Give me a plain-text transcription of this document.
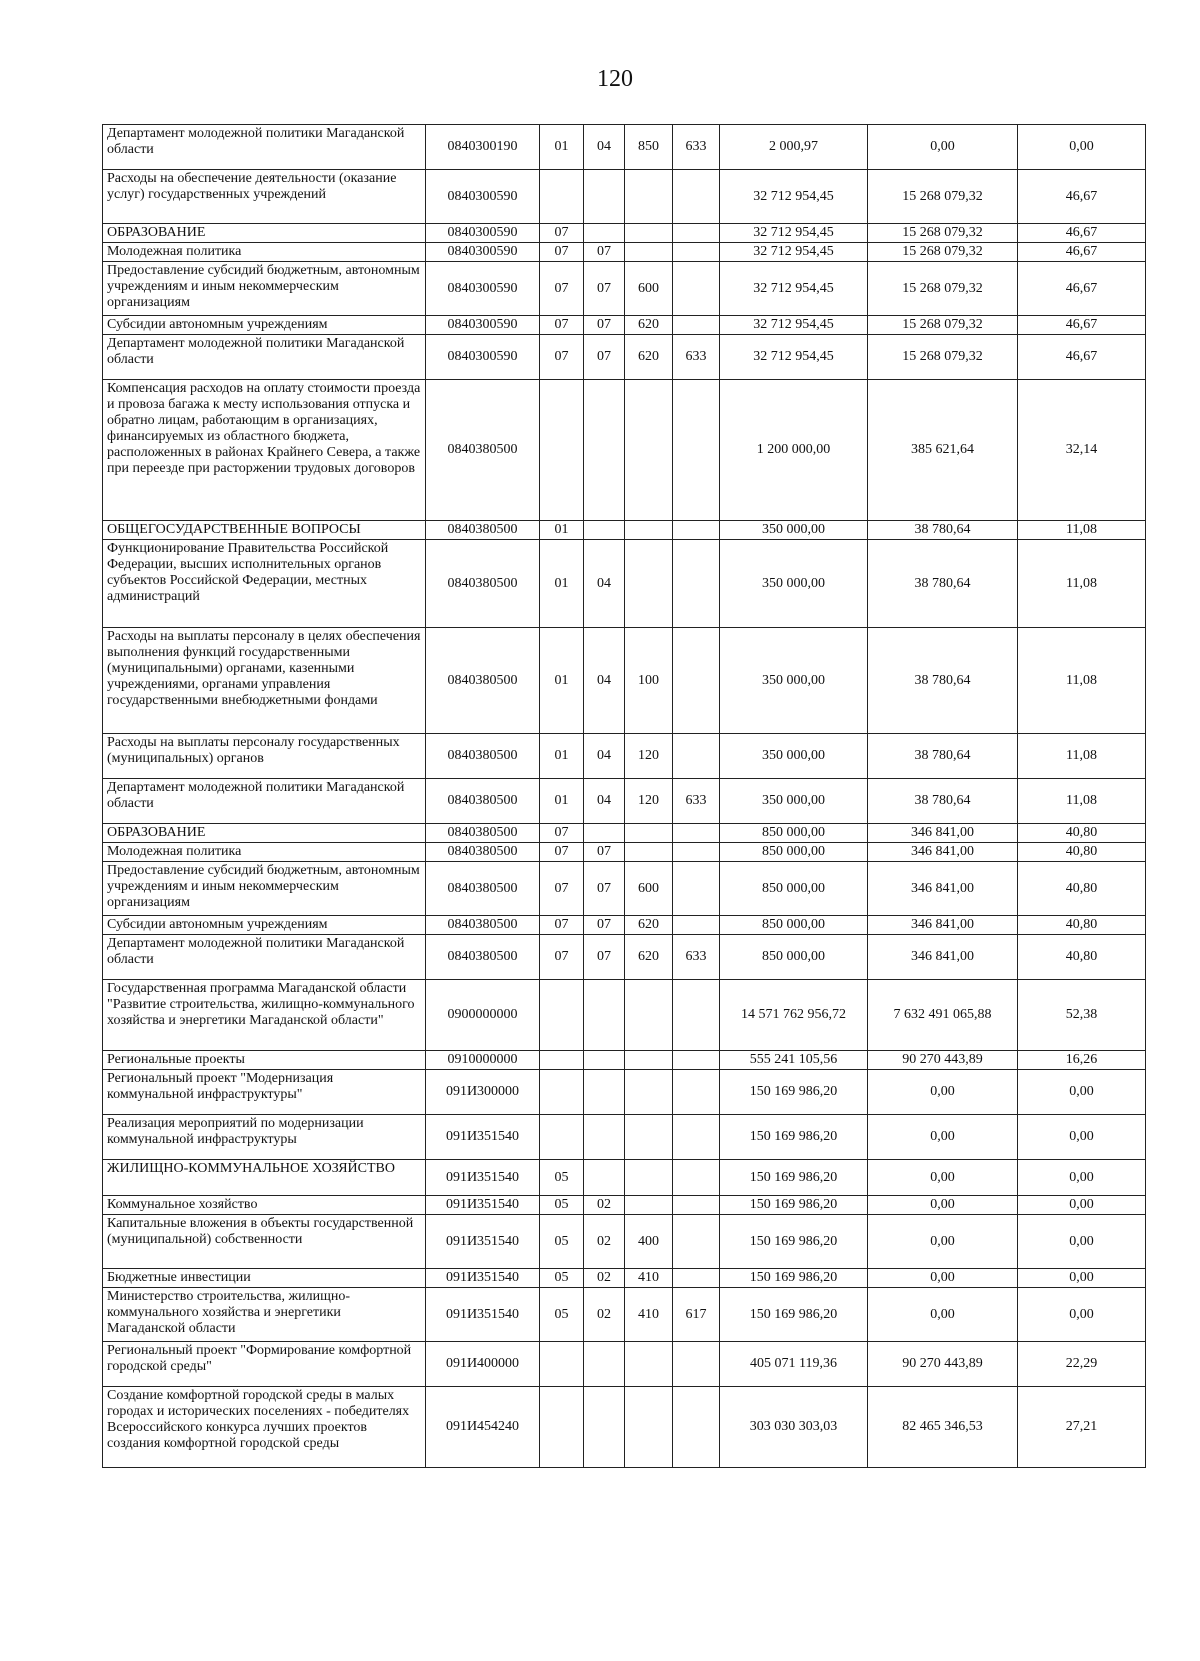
120
Департамент молодежной политики Магаданской области	0840300190	01	04	850	633	2 000,97	0,00	0,00
Расходы на обеспечение деятельности (оказание услуг) государственных учреждений	0840300590					32 712 954,45	15 268 079,32	46,67
ОБРАЗОВАНИЕ	0840300590	07				32 712 954,45	15 268 079,32	46,67
Молодежная политика	0840300590	07	07			32 712 954,45	15 268 079,32	46,67
Предоставление субсидий бюджетным, автономным учреждениям и иным некоммерческим организациям	0840300590	07	07	600		32 712 954,45	15 268 079,32	46,67
Субсидии автономным учреждениям	0840300590	07	07	620		32 712 954,45	15 268 079,32	46,67
Департамент молодежной политики Магаданской области	0840300590	07	07	620	633	32 712 954,45	15 268 079,32	46,67
Компенсация расходов на оплату стоимости проезда и провоза багажа к месту использования отпуска и обратно лицам, работающим в организациях, финансируемых из областного бюджета, расположенных в районах Крайнего Севера, а также при переезде при расторжении трудовых договоров	0840380500					1 200 000,00	385 621,64	32,14
ОБЩЕГОСУДАРСТВЕННЫЕ ВОПРОСЫ	0840380500	01				350 000,00	38 780,64	11,08
Функционирование Правительства Российской Федерации, высших исполнительных органов субъектов Российской Федерации, местных администраций	0840380500	01	04			350 000,00	38 780,64	11,08
Расходы на выплаты персоналу в целях обеспечения выполнения функций государственными (муниципальными) органами, казенными учреждениями, органами управления государственными внебюджетными фондами	0840380500	01	04	100		350 000,00	38 780,64	11,08
Расходы на выплаты персоналу государственных (муниципальных) органов	0840380500	01	04	120		350 000,00	38 780,64	11,08
Департамент молодежной политики Магаданской области	0840380500	01	04	120	633	350 000,00	38 780,64	11,08
ОБРАЗОВАНИЕ	0840380500	07				850 000,00	346 841,00	40,80
Молодежная политика	0840380500	07	07			850 000,00	346 841,00	40,80
Предоставление субсидий бюджетным, автономным учреждениям и иным некоммерческим организациям	0840380500	07	07	600		850 000,00	346 841,00	40,80
Субсидии автономным учреждениям	0840380500	07	07	620		850 000,00	346 841,00	40,80
Департамент молодежной политики Магаданской области	0840380500	07	07	620	633	850 000,00	346 841,00	40,80
Государственная программа Магаданской области "Развитие строительства, жилищно-коммунального хозяйства и энергетики Магаданской области"	0900000000					14 571 762 956,72	7 632 491 065,88	52,38
Региональные проекты	0910000000					555 241 105,56	90 270 443,89	16,26
Региональный проект "Модернизация коммунальной инфраструктуры"	091И300000					150 169 986,20	0,00	0,00
Реализация мероприятий по модернизации коммунальной инфраструктуры	091И351540					150 169 986,20	0,00	0,00
ЖИЛИЩНО-КОММУНАЛЬНОЕ ХОЗЯЙСТВО	091И351540	05				150 169 986,20	0,00	0,00
Коммунальное хозяйство	091И351540	05	02			150 169 986,20	0,00	0,00
Капитальные вложения в объекты государственной (муниципальной) собственности	091И351540	05	02	400		150 169 986,20	0,00	0,00
Бюджетные инвестиции	091И351540	05	02	410		150 169 986,20	0,00	0,00
Министерство строительства, жилищно-коммунального хозяйства и энергетики Магаданской области	091И351540	05	02	410	617	150 169 986,20	0,00	0,00
Региональный проект "Формирование комфортной городской среды"	091И400000					405 071 119,36	90 270 443,89	22,29
Создание комфортной городской среды в малых городах и исторических поселениях - победителях Всероссийского конкурса лучших проектов создания комфортной городской среды	091И454240					303 030 303,03	82 465 346,53	27,21
